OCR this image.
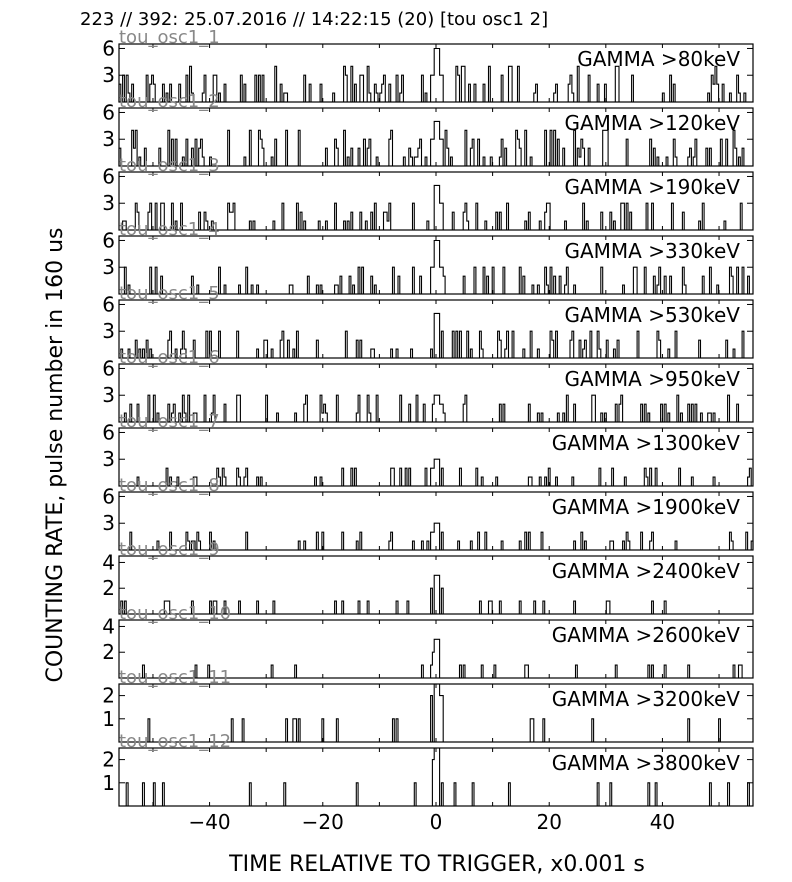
223 // 392: 25.07.2016 // 14:22:15 (20) [tou osc1 2]
3
6	GAMMA >80keV
tou_osc1_1
3
6	GAMMA >120keV
tou_osc1_2
3
6	GAMMA >190keV
tou_osc1_3
3
6	GAMMA >330keV
tou_osc1_4
3
6	GAMMA >530keV
tou_osc1_5
3
6	GAMMA >950keV
tou_osc1_6
3
6	GAMMA >1300keV
tou_osc1_7
3
6	GAMMA >1900keV
tou_osc1_8
2
4	GAMMA >2400keV
tou_osc1_9
2
4	GAMMA >2600keV
tou_osc1_10
1
2	GAMMA >3200keV
tou_osc1_11
1
2	GAMMA >3800keV
tou_osc1_12
−40	−20	0	20	40
TIME RELATIVE TO TRIGGER, x0.001 s
COUNTING RATE, pulse number in 160 us
